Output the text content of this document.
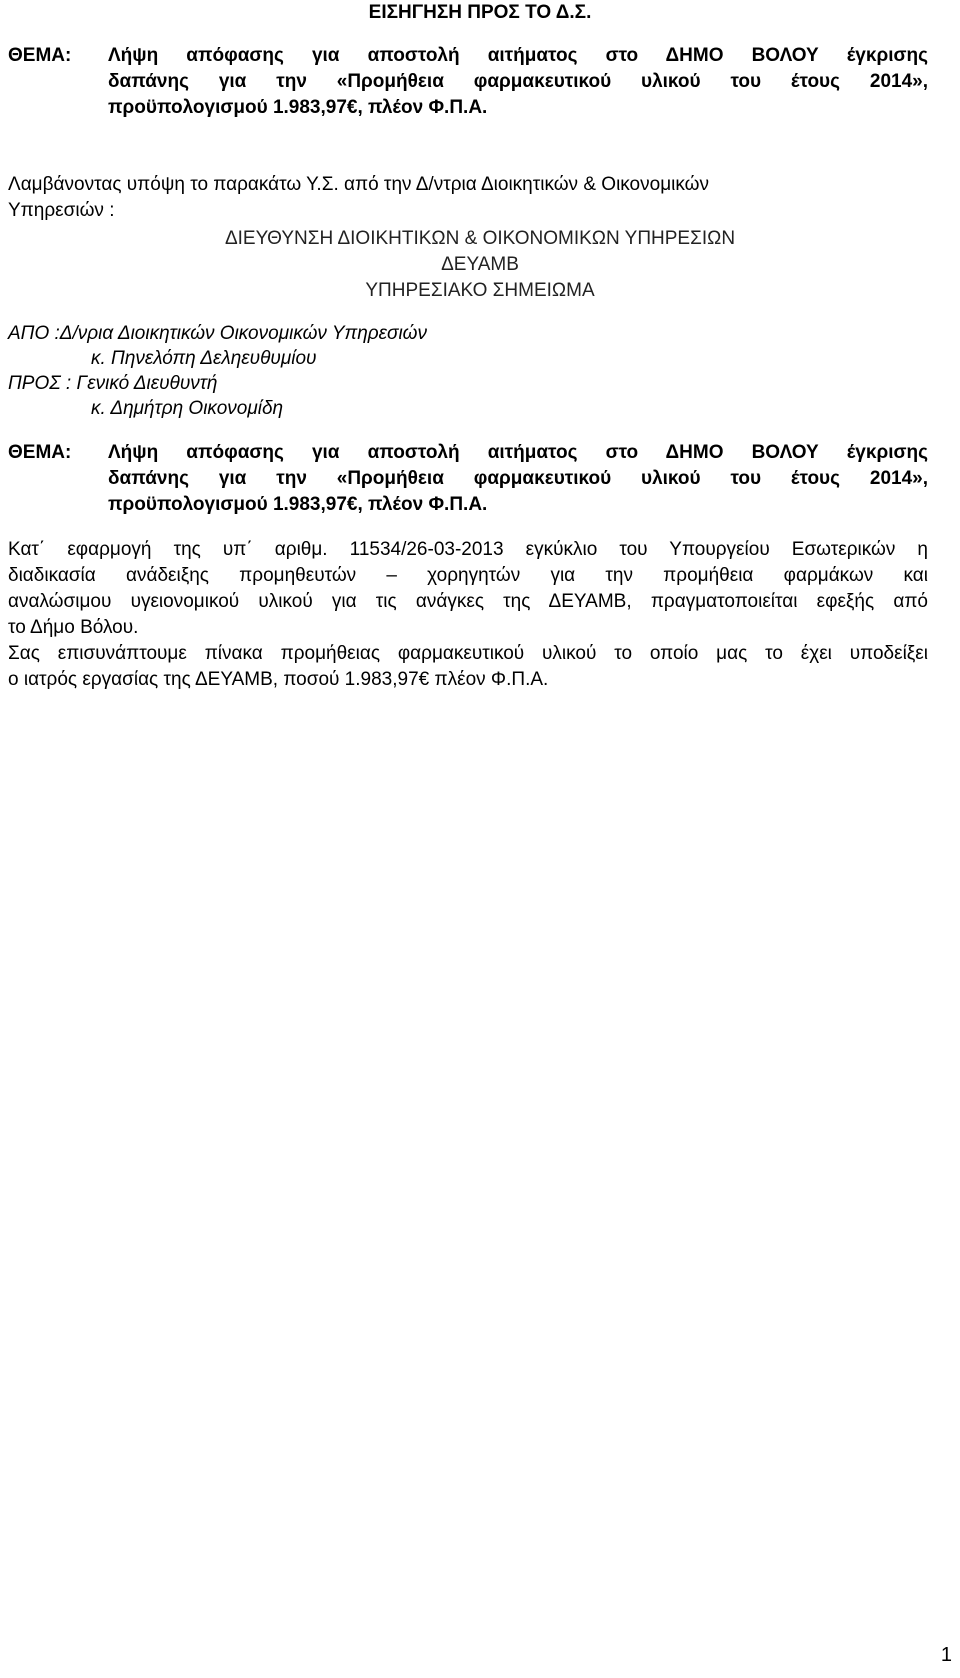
ΕΙΣΗΓΗΣΗ ΠΡΟΣ ΤΟ Δ.Σ.
ΘΕΜΑ:	Λήψη απόφασης για αποστολή αιτήματος στο ΔΗΜΟ ΒΟΛΟΥ έγκρισης
δαπάνης για την «Προμήθεια φαρμακευτικού υλικού του έτους 2014»,
προϋπολογισμού 1.983,97€, πλέον Φ.Π.Α.
Λαμβάνοντας υπόψη το παρακάτω Υ.Σ. από την Δ/ντρια Διοικητικών & Οικονομικών
Υπηρεσιών :
ΔΙΕΥΘΥΝΣΗ ΔΙΟΙΚΗΤΙΚΩΝ & ΟΙΚΟΝΟΜΙΚΩΝ ΥΠΗΡΕΣΙΩΝ
ΔΕΥΑΜΒ
ΥΠΗΡΕΣΙΑΚΟ ΣΗΜΕΙΩΜΑ
ΑΠΟ :Δ/νρια Διοικητικών Οικονομικών Υπηρεσιών
κ. Πηνελόπη Δεληευθυμίου
ΠΡΟΣ : Γενικό Διευθυντή
κ. Δημήτρη Οικονομίδη
ΘΕΜΑ:	Λήψη απόφασης για αποστολή αιτήματος στο ΔΗΜΟ ΒΟΛΟΥ έγκρισης
δαπάνης για την «Προμήθεια φαρμακευτικού υλικού του έτους 2014»,
προϋπολογισμού 1.983,97€, πλέον Φ.Π.Α.
Κατ΄ εφαρμογή της υπ΄ αριθμ. 11534/26-03-2013 εγκύκλιο του Υπουργείου Εσωτερικών η
διαδικασία ανάδειξης προμηθευτών – χορηγητών για την προμήθεια φαρμάκων και
αναλώσιμου υγειονομικού υλικού για τις ανάγκες της ΔΕΥΑΜΒ, πραγματοποιείται εφεξής από
το Δήμο Βόλου.
Σας επισυνάπτουμε πίνακα προμήθειας φαρμακευτικού υλικού το οποίο μας το έχει υποδείξει
ο ιατρός εργασίας της ΔΕΥΑΜΒ, ποσού 1.983,97€ πλέον Φ.Π.Α.
1
